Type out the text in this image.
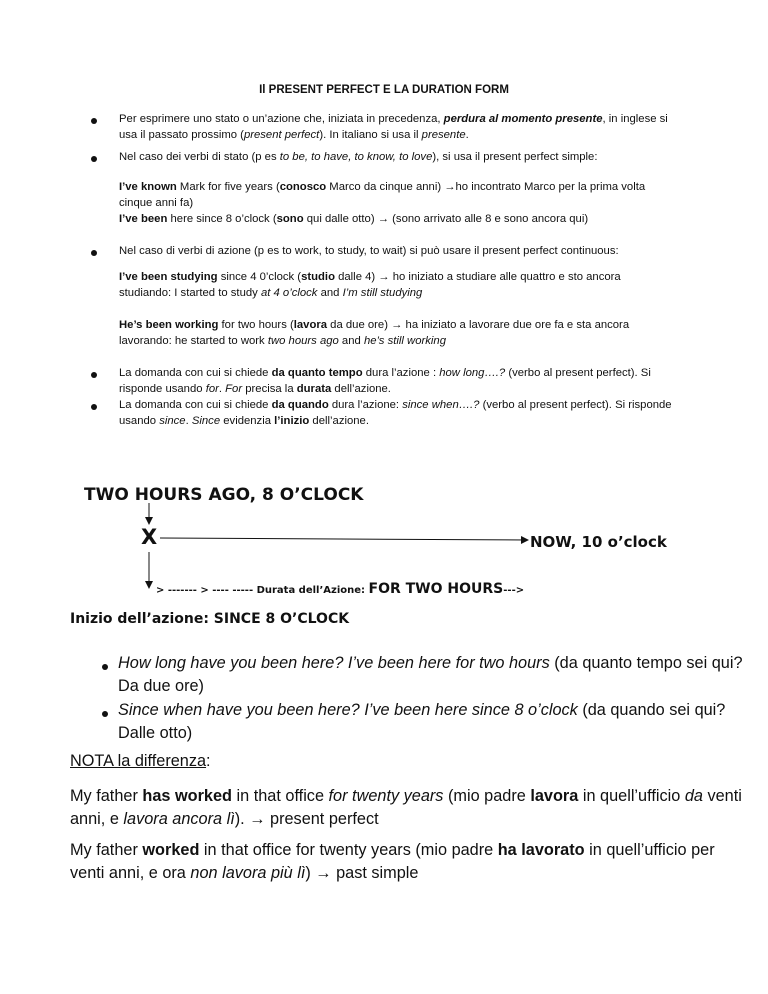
Il PRESENT PERFECT E LA DURATION FORM
Per esprimere uno stato o un’azione che, iniziata in precedenza, perdura al momento presente, in inglese si
usa il passato prossimo (present perfect). In italiano si usa il presente.
Nel caso dei verbi di stato (p es to be, to have, to know, to love), si usa il present perfect simple:
I’ve known Mark for five years (conosco Marco da cinque anni) →ho incontrato Marco per la prima volta
cinque anni fa)
I’ve been here since 8 o’clock (sono qui dalle otto) → (sono arrivato alle 8 e sono ancora qui)
Nel caso di verbi di azione (p es to work, to study, to wait) si può usare il present perfect continuous:
I’ve been studying since 4 0’clock (studio dalle 4) → ho iniziato a studiare alle quattro e sto ancora
studiando: I started to study at 4 o’clock and I’m still studying
He’s been working for two hours (lavora da due ore) → ha iniziato a lavorare due ore fa e sta ancora
lavorando: he started to work two hours ago and he’s still working
La domanda con cui si chiede da quanto tempo dura l’azione : how long….? (verbo al present perfect). Si
risponde usando for. For precisa la durata dell’azione.
La domanda con cui si chiede da quando dura l’azione: since when….? (verbo al present perfect). Si risponde
usando since. Since evidenzia l’inizio dell’azione.
TWO HOURS AGO, 8 O’CLOCK
X	NOW, 10 o’clock
> ------- > ---- ----- Durata dell’Azione: FOR TWO HOURS--->
Inizio dell’azione: SINCE 8 O’CLOCK
How long have you been here? I’ve been here for two hours (da quanto tempo sei qui?
Da due ore)
Since when have you been here? I’ve been here since 8 o’clock (da quando sei qui?
Dalle otto)
NOTA la differenza:
My father has worked in that office for twenty years (mio padre lavora in quell’ufficio da venti
anni, e lavora ancora lì). → present perfect
My father worked in that office for twenty years (mio padre ha lavorato in quell’ufficio per
venti anni, e ora non lavora più lì) → past simple
